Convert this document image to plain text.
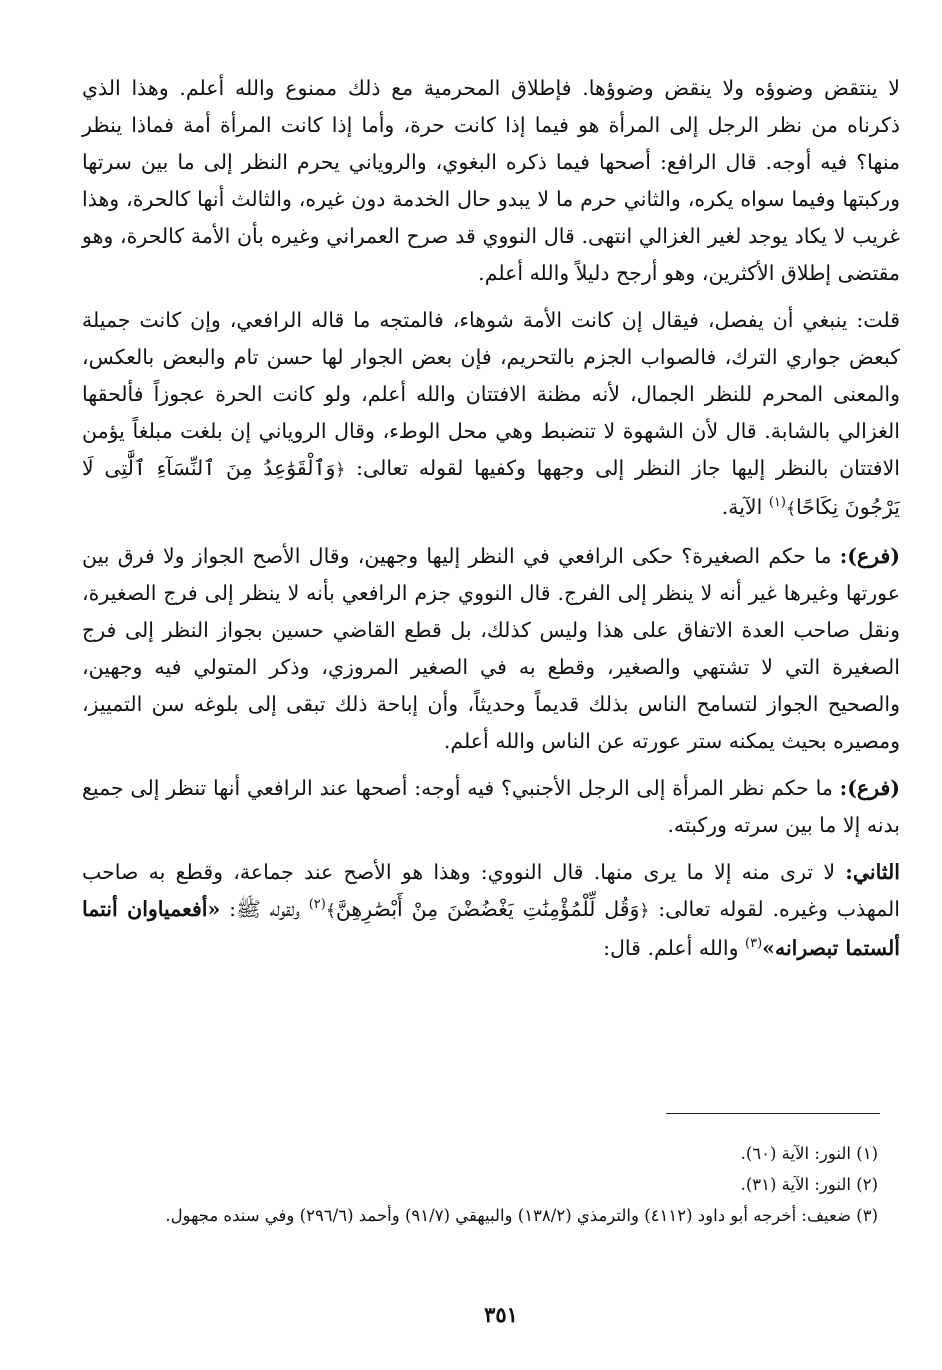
لا ينتقض وضوؤه ولا ينقض وضوؤها. فإطلاق المحرمية مع ذلك ممنوع والله أعلم. وهذا الذي ذكرناه من نظر الرجل إلى المرأة هو فيما إذا كانت حرة، وأما إذا كانت المرأة أمة فماذا ينظر منها؟ فيه أوجه. قال الرافع: أصحها فيما ذكره البغوي، والروياني يحرم النظر إلى ما بين سرتها وركبتها وفيما سواه يكره، والثاني حرم ما لا يبدو حال الخدمة دون غيره، والثالث أنها كالحرة، وهذا غريب لا يكاد يوجد لغير الغزالي انتهى. قال النووي قد صرح العمراني وغيره بأن الأمة كالحرة، وهو مقتضى إطلاق الأكثرين، وهو أرجح دليلاً والله أعلم.

قلت: ينبغي أن يفصل، فيقال إن كانت الأمة شوهاء، فالمتجه ما قاله الرافعي، وإن كانت جميلة كبعض جواري الترك، فالصواب الجزم بالتحريم، فإن بعض الجوار لها حسن تام والبعض بالعكس، والمعنى المحرم للنظر الجمال، لأنه مظنة الافتتان والله أعلم، ولو كانت الحرة عجوزاً فألحقها الغزالي بالشابة. قال لأن الشهوة لا تنضبط وهي محل الوطء، وقال الروياني إن بلغت مبلغاً يؤمن الافتتان بالنظر إليها جاز النظر إلى وجهها وكفيها لقوله تعالى: ﴿وَٱلْقَوَٰعِدُ مِنَ ٱلنِّسَآءِ ٱلَّٰتِى لَا يَرْجُونَ نِكَاحًا﴾$^{(١)}$ الآية.

(فرع): ما حكم الصغيرة؟ حكى الرافعي في النظر إليها وجهين، وقال الأصح الجواز ولا فرق بين عورتها وغيرها غير أنه لا ينظر إلى الفرج. قال النووي جزم الرافعي بأنه لا ينظر إلى فرج الصغيرة، ونقل صاحب العدة الاتفاق على هذا وليس كذلك، بل قطع القاضي حسين بجواز النظر إلى فرج الصغيرة التي لا تشتهي والصغير، وقطع به في الصغير المروزي، وذكر المتولي فيه وجهين، والصحيح الجواز لتسامح الناس بذلك قديماً وحديثاً، وأن إباحة ذلك تبقى إلى بلوغه سن التمييز، ومصيره بحيث يمكنه ستر عورته عن الناس والله أعلم.

(فرع): ما حكم نظر المرأة إلى الرجل الأجنبي؟ فيه أوجه: أصحها عند الرافعي أنها تنظر إلى جميع بدنه إلا ما بين سرته وركبته.

الثاني: لا ترى منه إلا ما يرى منها. قال النووي: وهذا هو الأصح عند جماعة، وقطع به صاحب المهذب وغيره. لقوله تعالى: ﴿وَقُل لِّلْمُؤْمِنَٰتِ يَغْضُضْنَ مِنْ أَبْصَٰرِهِنَّ﴾$^{(٢)}$ ولقوله ﷺ: «أفعمياوان أنتما ألستما تبصرانه»$^{(٣)}$ والله أعلم. قال:

(١) النور: الآية (٦٠).

(٢) النور: الآية (٣١).

(٣) ضعيف: أخرجه أبو داود (٤١١٢) والترمذي (١٣٨/٢) والبيهقي (٩١/٧) وأحمد (٢٩٦/٦) وفي سنده مجهول.

٣٥١
